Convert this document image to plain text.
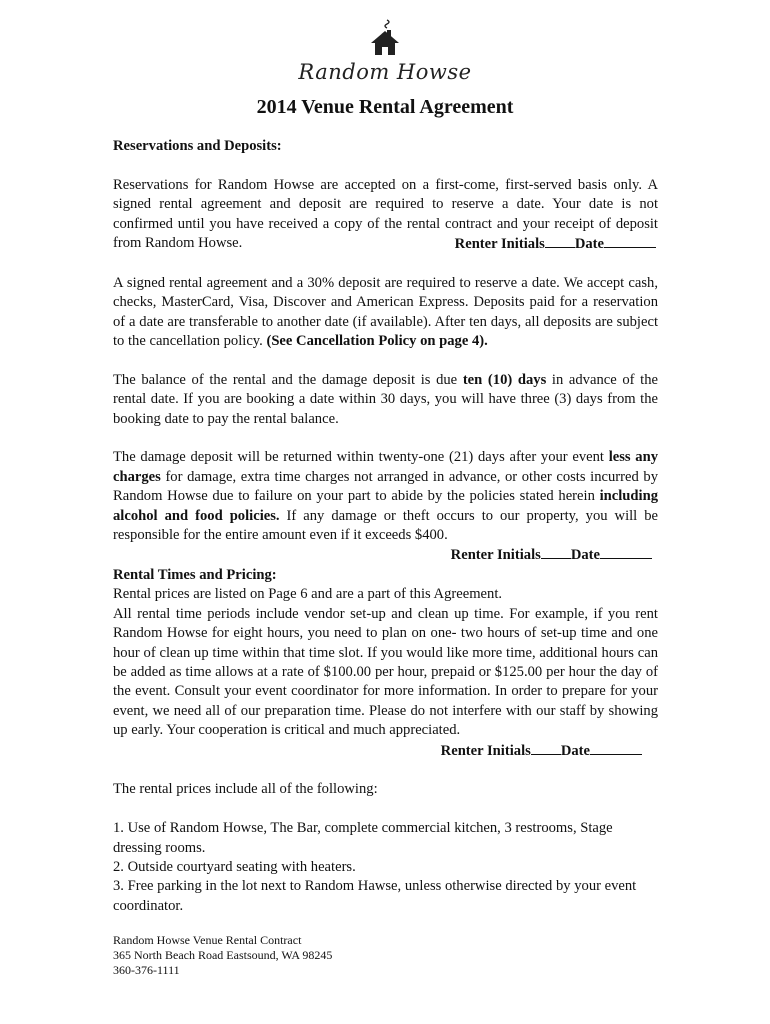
Random Howse
2014 Venue Rental Agreement

Reservations and Deposits:

Reservations for Random Howse are accepted on a first-come, first-served basis only. A signed rental agreement and deposit are required to reserve a date. Your date is not confirmed until you have received a copy of the rental contract and your receipt of deposit from Random Howse.	Renter Initials Date

A signed rental agreement and a 30% deposit are required to reserve a date. We accept cash, checks, MasterCard, Visa, Discover and American Express. Deposits paid for a reservation of a date are transferable to another date (if available). After ten days, all deposits are subject to the cancellation policy. (See Cancellation Policy on page 4).

The balance of the rental and the damage deposit is due ten (10) days in advance of the rental date. If you are booking a date within 30 days, you will have three (3) days from the booking date to pay the rental balance.

The damage deposit will be returned within twenty-one (21) days after your event less any charges for damage, extra time charges not arranged in advance, or other costs incurred by Random Howse due to failure on your part to abide by the policies stated herein including alcohol and food policies. If any damage or theft occurs to our property, you will be responsible for the entire amount even if it exceeds $400.

Renter Initials Date

Rental Times and Pricing:

Rental prices are listed on Page 6 and are a part of this Agreement.

All rental time periods include vendor set-up and clean up time. For example, if you rent Random Howse for eight hours, you need to plan on one- two hours of set-up time and one hour of clean up time within that time slot. If you would like more time, additional hours can be added as time allows at a rate of $100.00 per hour, prepaid or $125.00 per hour the day of the event. Consult your event coordinator for more information. In order to prepare for your event, we need all of our preparation time. Please do not interfere with our staff by showing up early. Your cooperation is critical and much appreciated.

Renter Initials Date

The rental prices include all of the following:

1. Use of Random Howse, The Bar, complete commercial kitchen, 3 restrooms, Stage dressing rooms.

2. Outside courtyard seating with heaters.

3. Free parking in the lot next to Random Hawse, unless otherwise directed by your event coordinator.

Random Howse Venue Rental Contract
365 North Beach Road Eastsound, WA 98245
360-376-1111
